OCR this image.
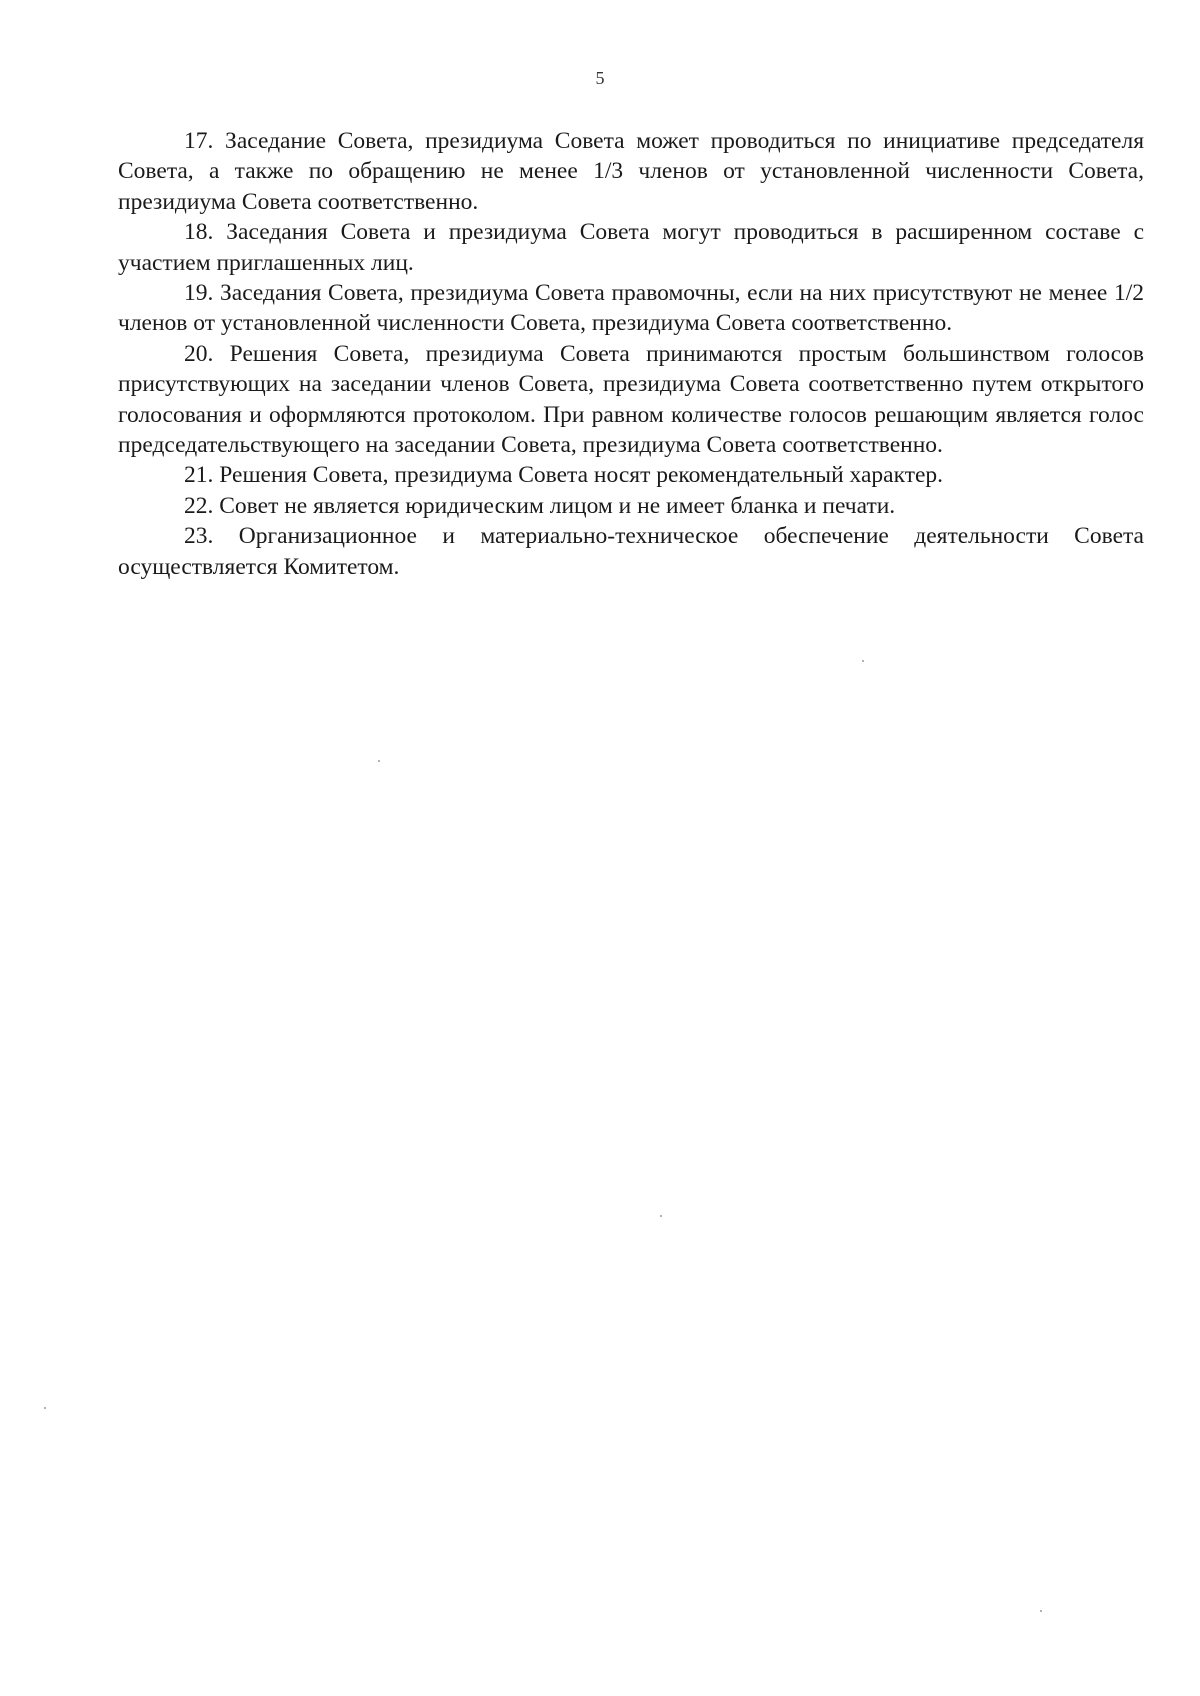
5

17. Заседание Совета, президиума Совета может проводиться по инициативе председателя Совета, а также по обращению не менее 1/3 членов от установленной численности Совета, президиума Совета соответственно.

18. Заседания Совета и президиума Совета могут проводиться в расширенном составе с участием приглашенных лиц.

19. Заседания Совета, президиума Совета правомочны, если на них присутствуют не менее 1/2 членов от установленной численности Совета, президиума Совета соответственно.

20. Решения Совета, президиума Совета принимаются простым большинством голосов присутствующих на заседании членов Совета, президиума Совета соответственно путем открытого голосования и оформляются протоколом. При равном количестве голосов решающим является голос председательствующего на заседании Совета, президиума Совета соответственно.

21. Решения Совета, президиума Совета носят рекомендательный характер.

22. Совет не является юридическим лицом и не имеет бланка и печати.

23. Организационное и материально-техническое обеспечение деятельности Совета осуществляется Комитетом.
